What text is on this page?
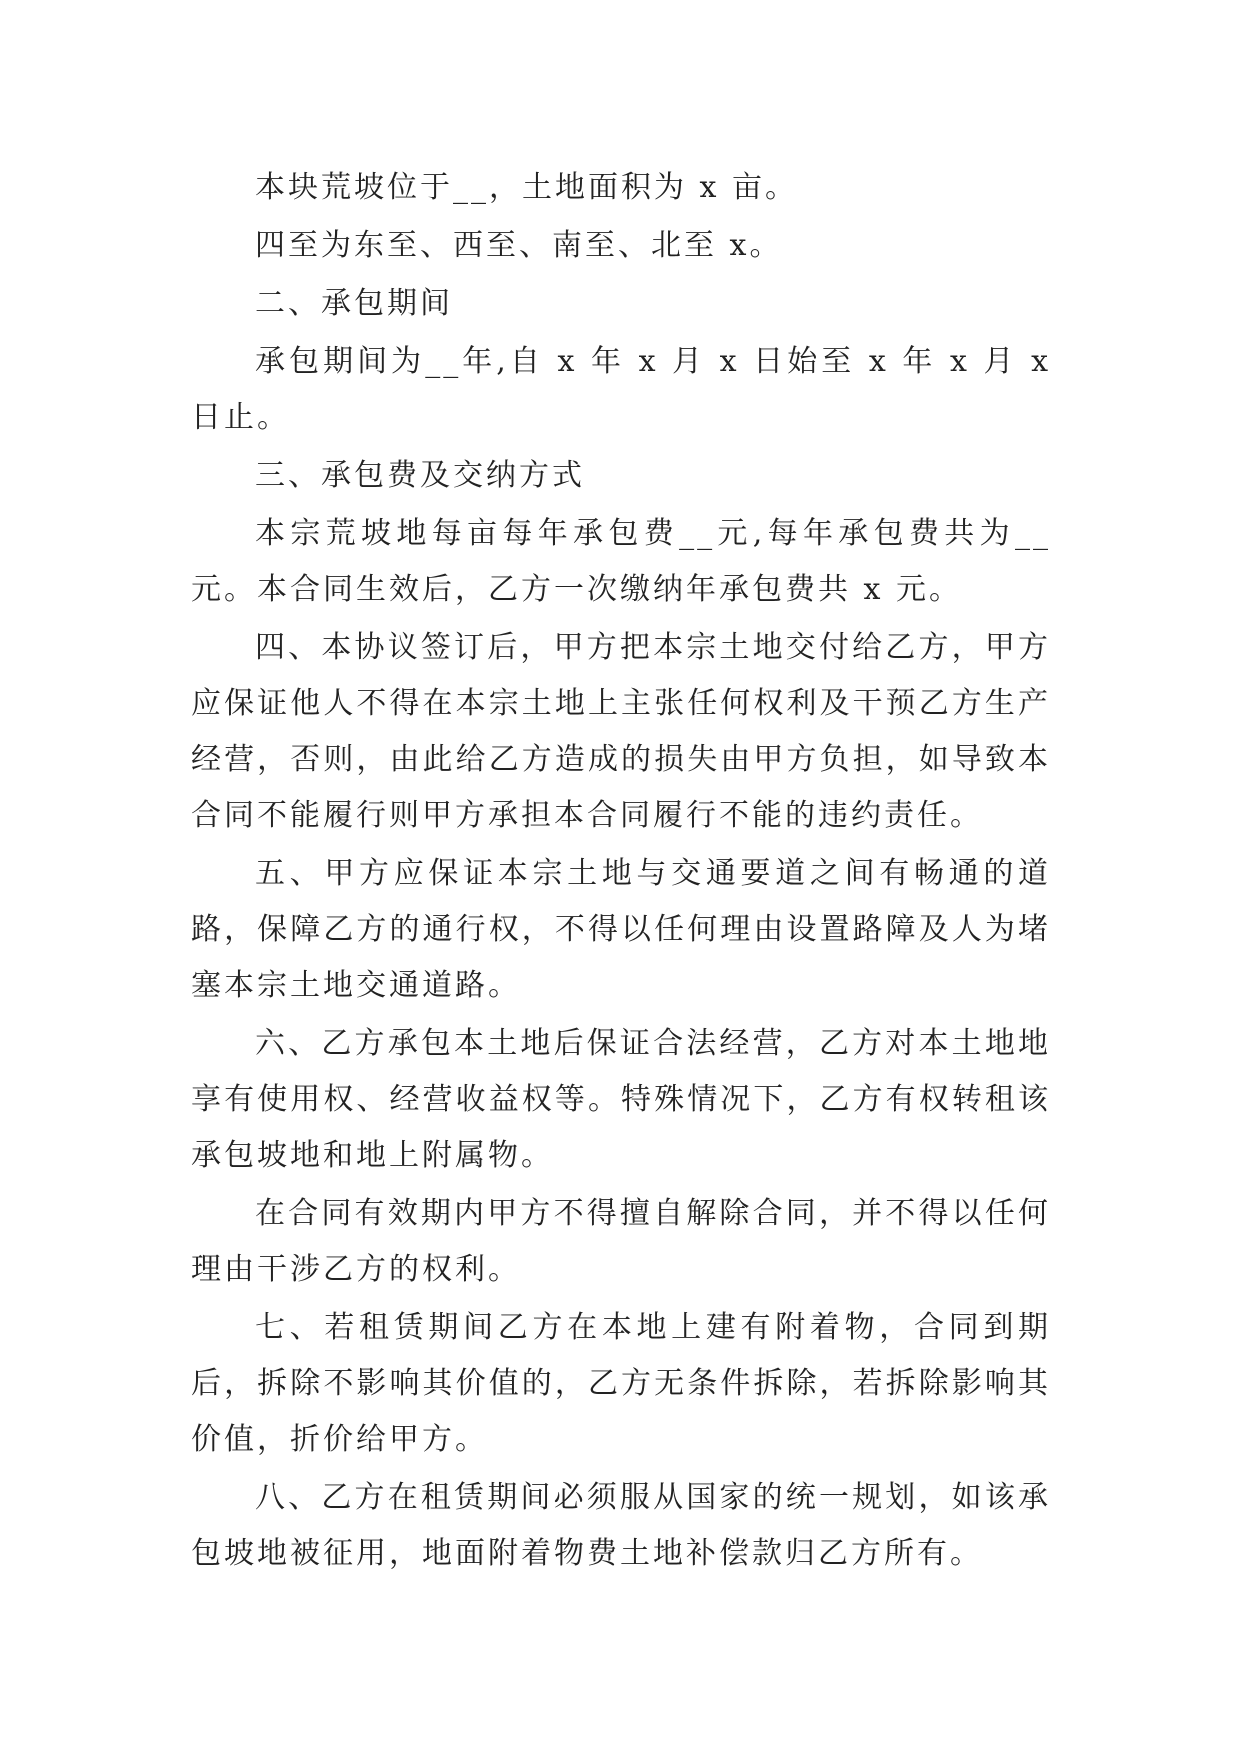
本块荒坡位于__，土地面积为 x 亩。

四至为东至、西至、南至、北至 x。

二、承包期间

承包期间为__年,自 x 年 x 月 x 日始至 x 年 x 月 x 日止。

三、承包费及交纳方式

本宗荒坡地每亩每年承包费__元,每年承包费共为__元。本合同生效后，乙方一次缴纳年承包费共 x 元。

四、本协议签订后，甲方把本宗土地交付给乙方，甲方应保证他人不得在本宗土地上主张任何权利及干预乙方生产经营，否则，由此给乙方造成的损失由甲方负担，如导致本合同不能履行则甲方承担本合同履行不能的违约责任。

五、甲方应保证本宗土地与交通要道之间有畅通的道路，保障乙方的通行权，不得以任何理由设置路障及人为堵塞本宗土地交通道路。

六、乙方承包本土地后保证合法经营，乙方对本土地地享有使用权、经营收益权等。特殊情况下，乙方有权转租该承包坡地和地上附属物。

在合同有效期内甲方不得擅自解除合同，并不得以任何理由干涉乙方的权利。

七、若租赁期间乙方在本地上建有附着物，合同到期后，拆除不影响其价值的，乙方无条件拆除，若拆除影响其价值，折价给甲方。

八、乙方在租赁期间必须服从国家的统一规划，如该承包坡地被征用，地面附着物费土地补偿款归乙方所有。
